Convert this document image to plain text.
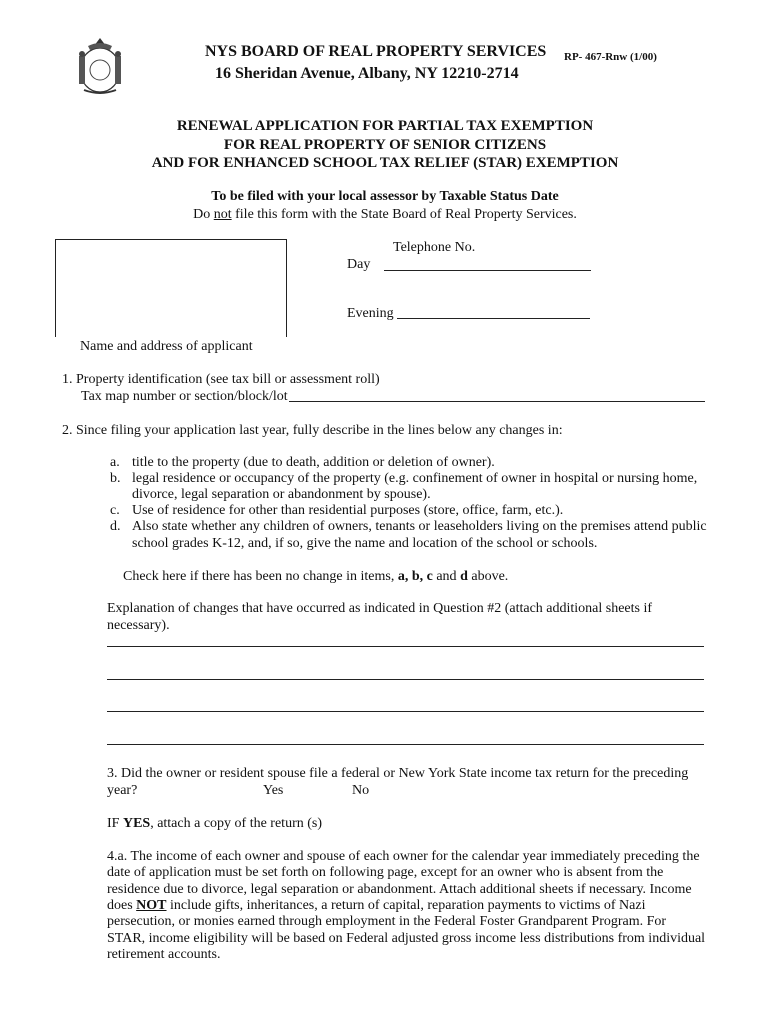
NYS BOARD OF REAL PROPERTY SERVICES RP- 467-Rnw (1/00)
16 Sheridan Avenue, Albany, NY 12210-2714
RENEWAL APPLICATION FOR PARTIAL TAX EXEMPTION
FOR REAL PROPERTY OF SENIOR CITIZENS
AND FOR ENHANCED SCHOOL TAX RELIEF (STAR) EXEMPTION
To be filed with your local assessor by Taxable Status Date
Do not file this form with the State Board of Real Property Services.
Name and address of applicant
Telephone No.
Day
Evening
1. Property identification (see tax bill or assessment roll)
Tax map number or section/block/lot
2. Since filing your application last year, fully describe in the lines below any changes in:
a. title to the property (due to death, addition or deletion of owner).
b. legal residence or occupancy of the property (e.g. confinement of owner in hospital or nursing home,
divorce, legal separation or abandonment by spouse).
c. Use of residence for other than residential purposes (store, office, farm, etc.).
d. Also state whether any children of owners, tenants or leaseholders living on the premises attend public
school grades K-12, and, if so, give the name and location of the school or schools.
Check here if there has been no change in items, a, b, c and d above.
Explanation of changes that have occurred as indicated in Question #2 (attach additional sheets if
necessary).
3. Did the owner or resident spouse file a federal or New York State income tax return for the preceding
year?	Yes	No
IF YES, attach a copy of the return (s)
4.a. The income of each owner and spouse of each owner for the calendar year immediately preceding the
date of application must be set forth on following page, except for an owner who is absent from the
residence due to divorce, legal separation or abandonment. Attach additional sheets if necessary. Income
does NOT include gifts, inheritances, a return of capital, reparation payments to victims of Nazi
persecution, or monies earned through employment in the Federal Foster Grandparent Program. For
STAR, income eligibility will be based on Federal adjusted gross income less distributions from individual
retirement accounts.
